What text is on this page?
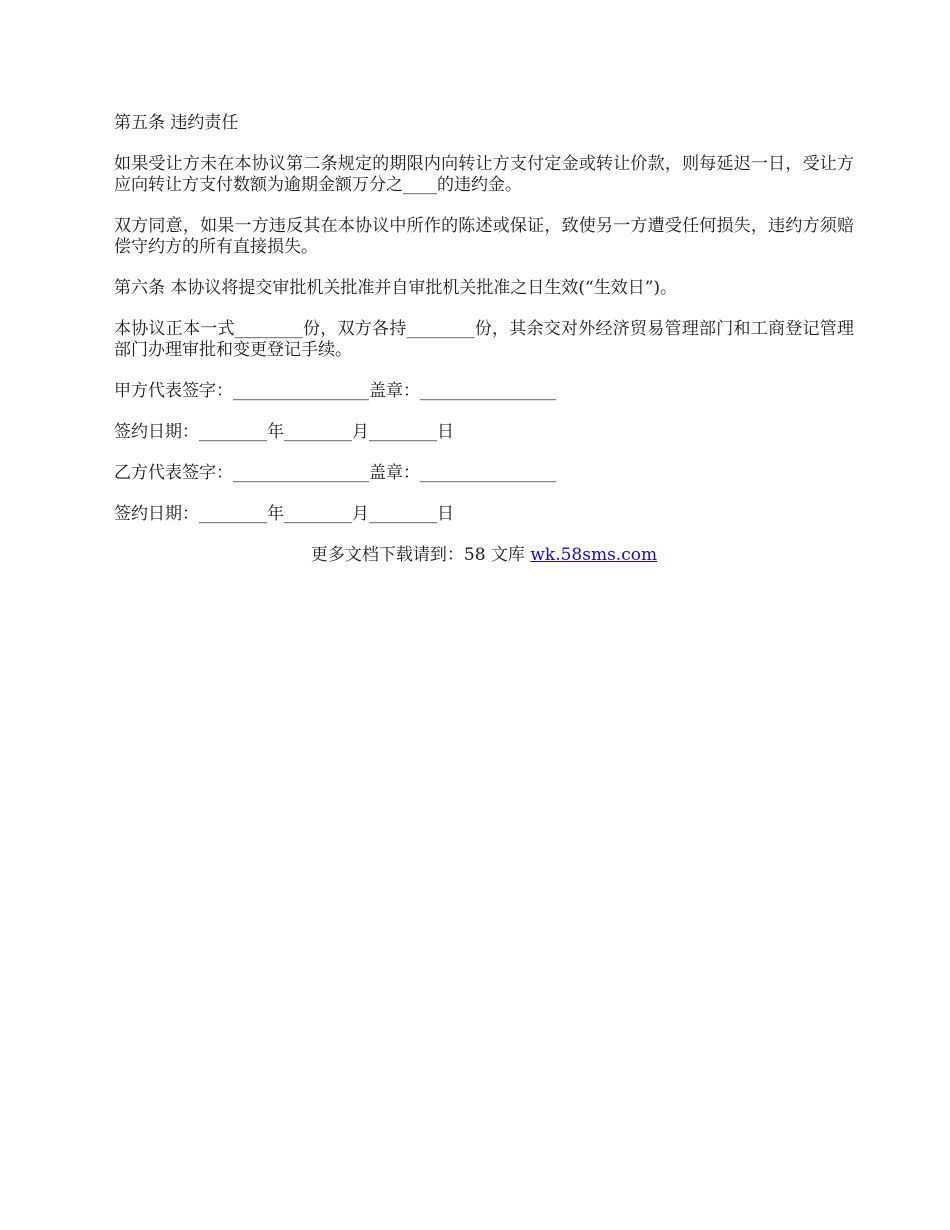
第五条 违约责任

如果受让方未在本协议第二条规定的期限内向转让方支付定金或转让价款，则每延迟一日，受让方应向转让方支付数额为逾期金额万分之____的违约金。

双方同意，如果一方违反其在本协议中所作的陈述或保证，致使另一方遭受任何损失，违约方须赔偿守约方的所有直接损失。

第六条 本协议将提交审批机关批准并自审批机关批准之日生效(“生效日”)。

本协议正本一式________份，双方各持________份，其余交对外经济贸易管理部门和工商登记管理部门办理审批和变更登记手续。

甲方代表签字：________________盖章：________________

签约日期：________年________月________日

乙方代表签字：________________盖章：________________

签约日期：________年________月________日

更多文档下载请到：58 文库 wk.58sms.com
